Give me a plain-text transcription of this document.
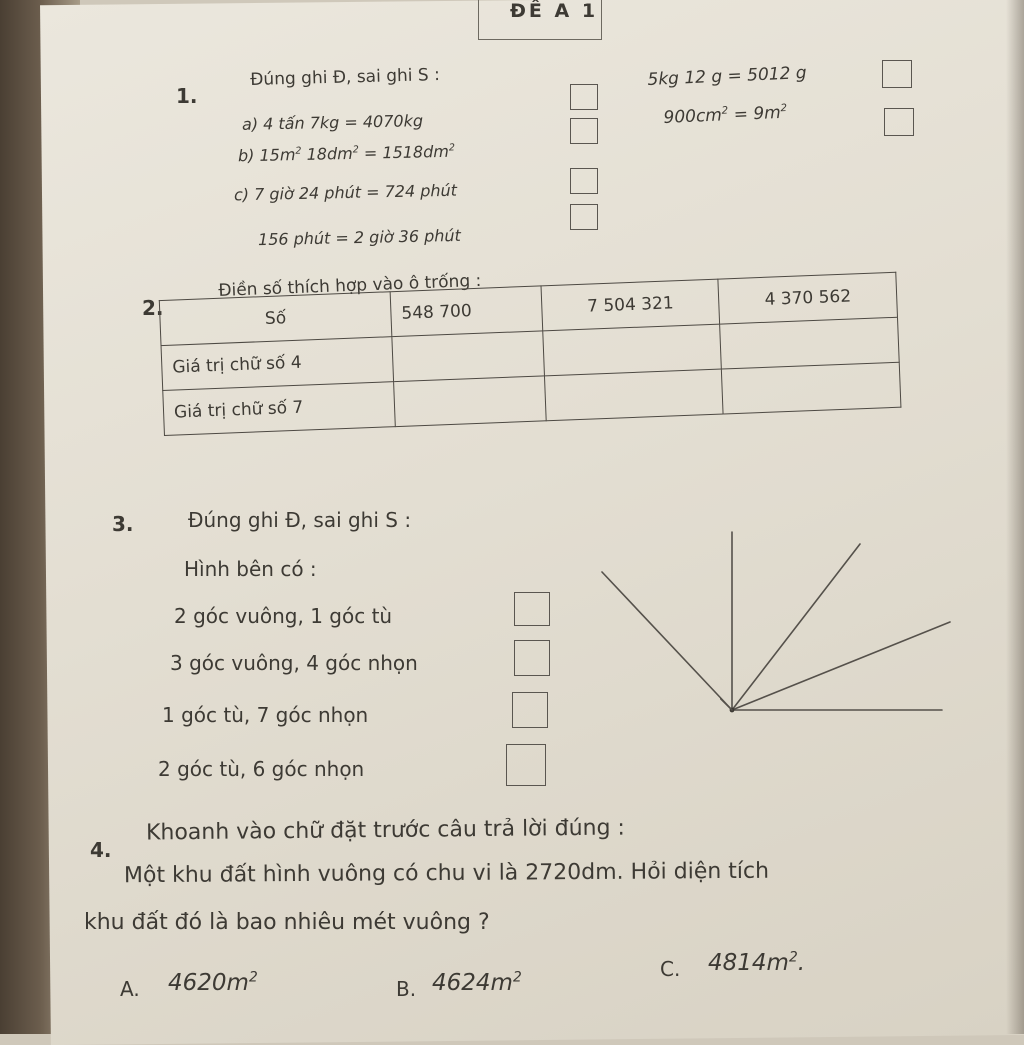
ĐỀ A 1
1.
Đúng ghi Đ, sai ghi S :
a) 4 tấn 7kg = 4070kg
b) $15m^2$ $18dm^2 = 1518dm^2$
c) 7 giờ 24 phút = 724 phút
156 phút = 2 giờ 36 phút
5kg 12 g = 5012 g
$900cm^2 = 9m^2$
2.
Điền số thích hợp vào ô trống :
Số	548 700	7 504 321	4 370 562
Giá trị chữ số 4			
Giá trị chữ số 7			
3.	Đúng ghi Đ, sai ghi S :
Hình bên có :
2 góc vuông, 1 góc tù
3 góc vuông, 4 góc nhọn
1 góc tù, 7 góc nhọn
2 góc tù, 6 góc nhọn
4.
Khoanh vào chữ đặt trước câu trả lời đúng :
Một khu đất hình vuông có chu vi là 2720dm. Hỏi diện tích
khu đất đó là bao nhiêu mét vuông ?
A. $4620m^2$	B. $4624m^2$	C. $4814m^2$.
